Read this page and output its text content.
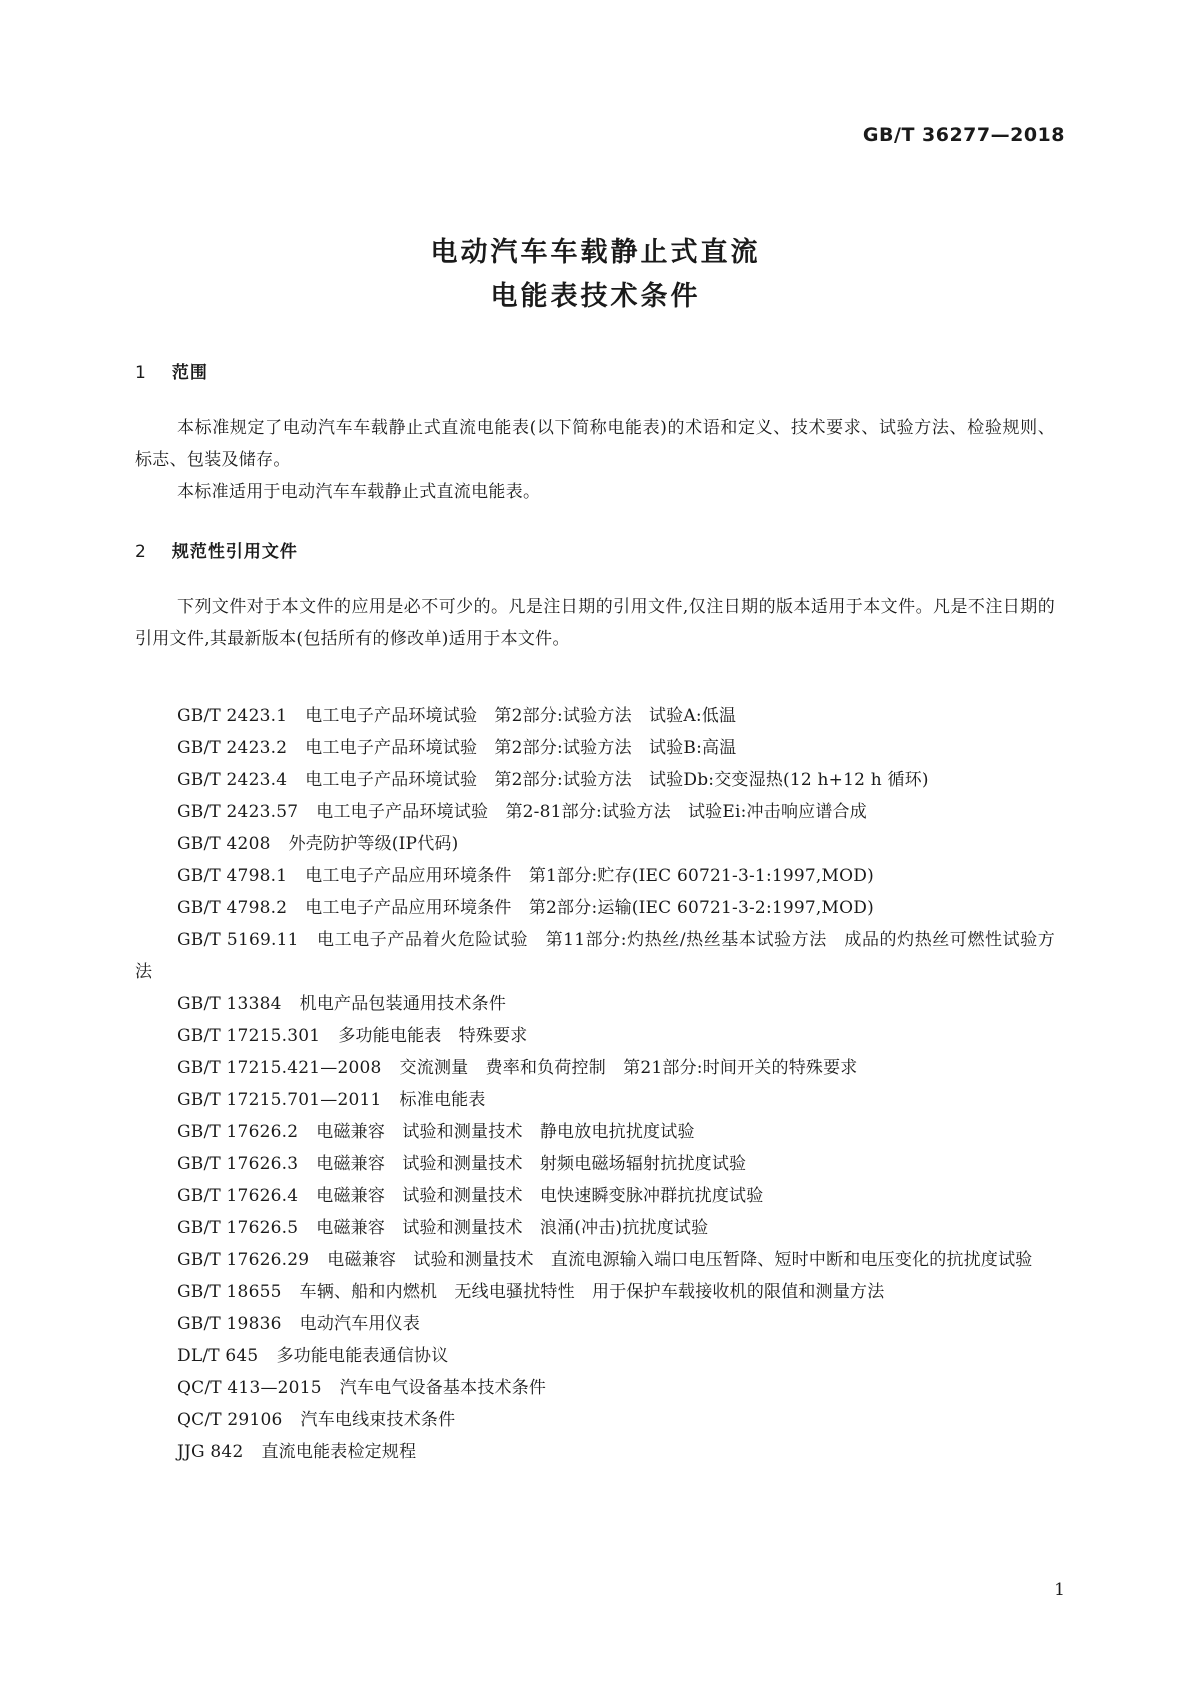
GB/T 36277—2018
电动汽车车载静止式直流
电能表技术条件
1 范围
本标准规定了电动汽车车载静止式直流电能表(以下简称电能表)的术语和定义、技术要求、试验方法、检验规则、标志、包装及储存。
本标准适用于电动汽车车载静止式直流电能表。
2 规范性引用文件
下列文件对于本文件的应用是必不可少的。凡是注日期的引用文件,仅注日期的版本适用于本文件。凡是不注日期的引用文件,其最新版本(包括所有的修改单)适用于本文件。
GB/T 2423.1 电工电子产品环境试验　第2部分:试验方法　试验A:低温
GB/T 2423.2 电工电子产品环境试验　第2部分:试验方法　试验B:高温
GB/T 2423.4 电工电子产品环境试验　第2部分:试验方法　试验Db:交变湿热(12 h+12 h 循环)
GB/T 2423.57 电工电子产品环境试验　第2-81部分:试验方法　试验Ei:冲击响应谱合成
GB/T 4208 外壳防护等级(IP代码)
GB/T 4798.1 电工电子产品应用环境条件　第1部分:贮存(IEC 60721-3-1:1997,MOD)
GB/T 4798.2 电工电子产品应用环境条件　第2部分:运输(IEC 60721-3-2:1997,MOD)
GB/T 5169.11 电工电子产品着火危险试验　第11部分:灼热丝/热丝基本试验方法　成品的灼热丝可燃性试验方法
GB/T 13384 机电产品包装通用技术条件
GB/T 17215.301 多功能电能表　特殊要求
GB/T 17215.421—2008 交流测量　费率和负荷控制　第21部分:时间开关的特殊要求
GB/T 17215.701—2011 标准电能表
GB/T 17626.2 电磁兼容　试验和测量技术　静电放电抗扰度试验
GB/T 17626.3 电磁兼容　试验和测量技术　射频电磁场辐射抗扰度试验
GB/T 17626.4 电磁兼容　试验和测量技术　电快速瞬变脉冲群抗扰度试验
GB/T 17626.5 电磁兼容　试验和测量技术　浪涌(冲击)抗扰度试验
GB/T 17626.29 电磁兼容　试验和测量技术　直流电源输入端口电压暂降、短时中断和电压变化的抗扰度试验
GB/T 18655 车辆、船和内燃机　无线电骚扰特性　用于保护车载接收机的限值和测量方法
GB/T 19836 电动汽车用仪表
DL/T 645 多功能电能表通信协议
QC/T 413—2015 汽车电气设备基本技术条件
QC/T 29106 汽车电线束技术条件
JJG 842 直流电能表检定规程
1
